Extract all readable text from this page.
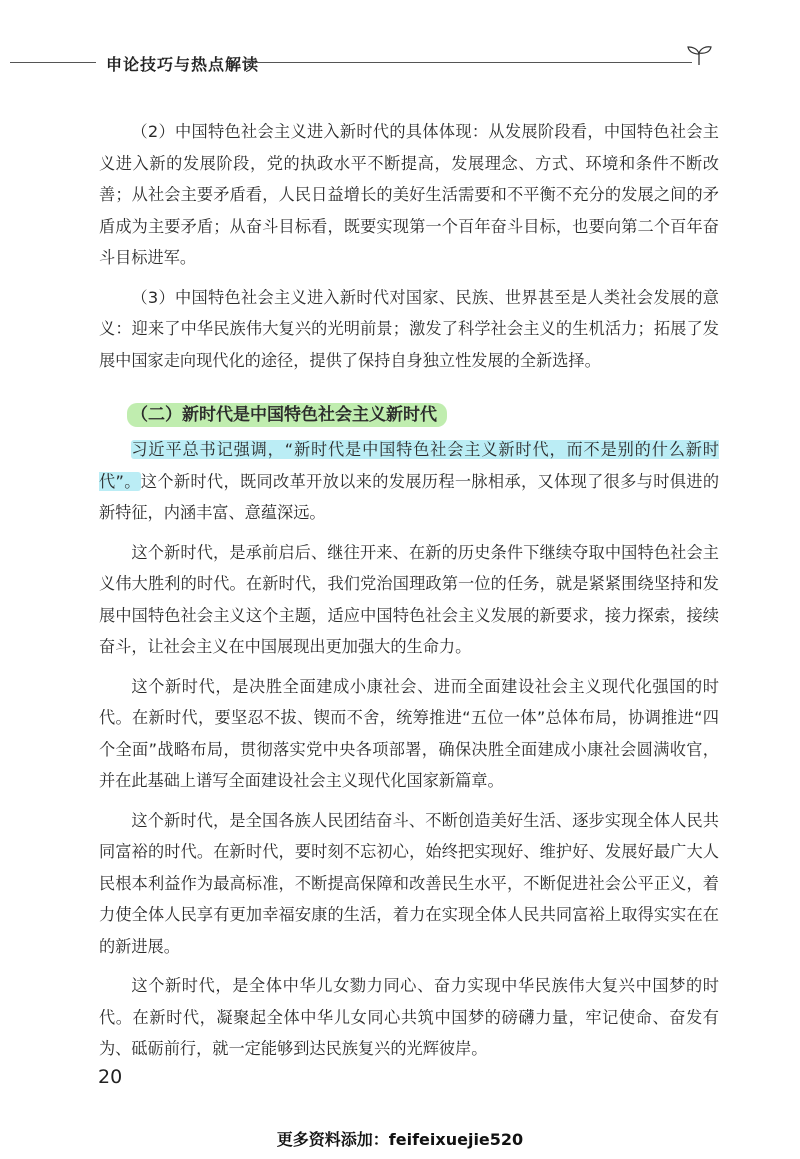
申论技巧与热点解读

（2）中国特色社会主义进入新时代的具体体现：从发展阶段看，中国特色社会主义进入新的发展阶段，党的执政水平不断提高，发展理念、方式、环境和条件不断改善；从社会主要矛盾看，人民日益增长的美好生活需要和不平衡不充分的发展之间的矛盾成为主要矛盾；从奋斗目标看，既要实现第一个百年奋斗目标，也要向第二个百年奋斗目标进军。

（3）中国特色社会主义进入新时代对国家、民族、世界甚至是人类社会发展的意义：迎来了中华民族伟大复兴的光明前景；激发了科学社会主义的生机活力；拓展了发展中国家走向现代化的途径，提供了保持自身独立性发展的全新选择。

（二）新时代是中国特色社会主义新时代

习近平总书记强调，“新时代是中国特色社会主义新时代，而不是别的什么新时代”。这个新时代，既同改革开放以来的发展历程一脉相承，又体现了很多与时俱进的新特征，内涵丰富、意蕴深远。

这个新时代，是承前启后、继往开来、在新的历史条件下继续夺取中国特色社会主义伟大胜利的时代。在新时代，我们党治国理政第一位的任务，就是紧紧围绕坚持和发展中国特色社会主义这个主题，适应中国特色社会主义发展的新要求，接力探索，接续奋斗，让社会主义在中国展现出更加强大的生命力。

这个新时代，是决胜全面建成小康社会、进而全面建设社会主义现代化强国的时代。在新时代，要坚忍不拔、锲而不舍，统筹推进“五位一体”总体布局，协调推进“四个全面”战略布局，贯彻落实党中央各项部署，确保决胜全面建成小康社会圆满收官，并在此基础上谱写全面建设社会主义现代化国家新篇章。

这个新时代，是全国各族人民团结奋斗、不断创造美好生活、逐步实现全体人民共同富裕的时代。在新时代，要时刻不忘初心，始终把实现好、维护好、发展好最广大人民根本利益作为最高标准，不断提高保障和改善民生水平，不断促进社会公平正义，着力使全体人民享有更加幸福安康的生活，着力在实现全体人民共同富裕上取得实实在在的新进展。

这个新时代，是全体中华儿女勠力同心、奋力实现中华民族伟大复兴中国梦的时代。在新时代，凝聚起全体中华儿女同心共筑中国梦的磅礴力量，牢记使命、奋发有为、砥砺前行，就一定能够到达民族复兴的光辉彼岸。

20
更多资料添加：feifeixuejie520
